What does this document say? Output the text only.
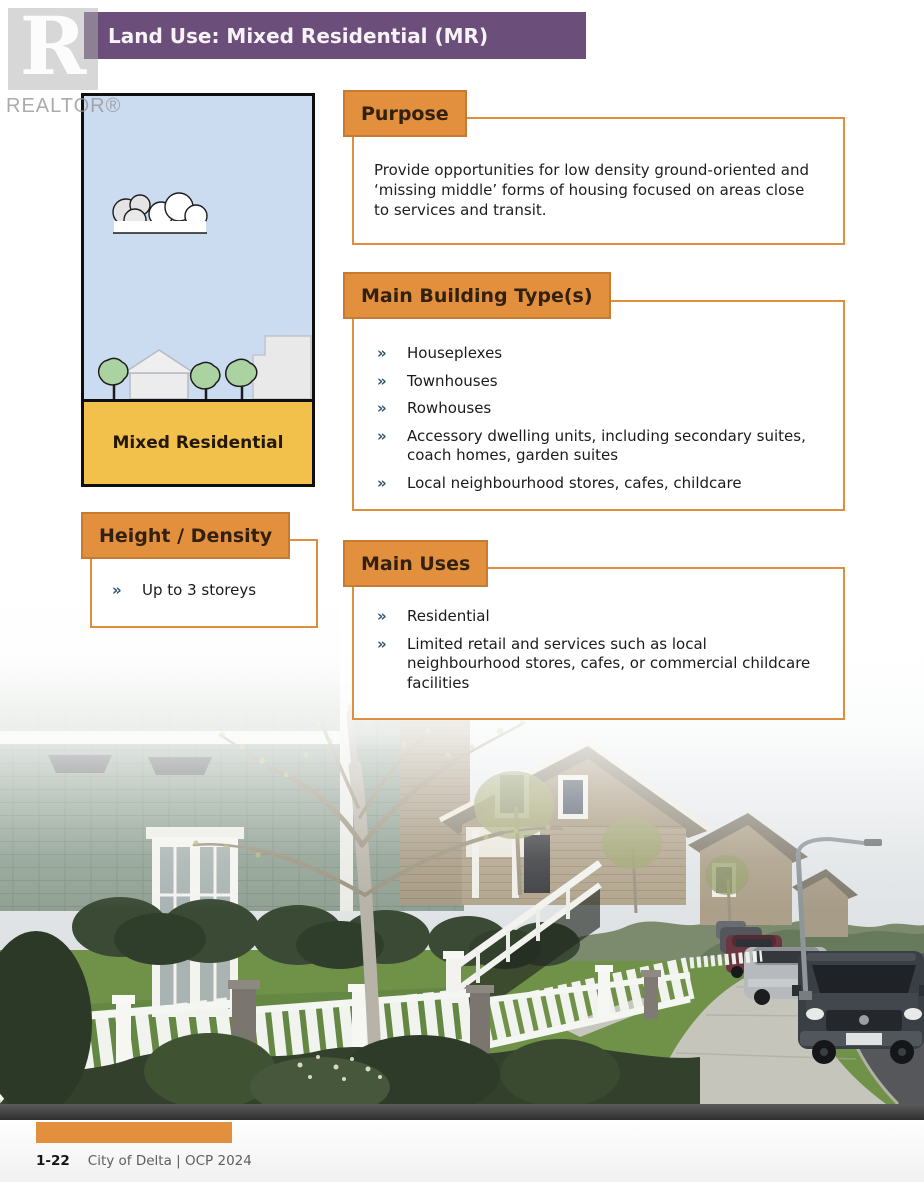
Land Use: Mixed Residential (MR)
R
REALTOR®
Mixed Residential
Purpose

Provide opportunities for low density ground-oriented and ‘missing middle’ forms of housing focused on areas close to services and transit.

Main Building Type(s)
»	Houseplexes
»	Townhouses
»	Rowhouses
»	Accessory dwelling units, including secondary suites, coach homes, garden suites
»	Local neighbourhood stores, cafes, childcare
Height / Density
»	Up to 3 storeys
Main Uses
»	Residential
»	Limited retail and services such as local neighbourhood stores, cafes, or commercial childcare facilities
1-22 City of Delta | OCP 2024
